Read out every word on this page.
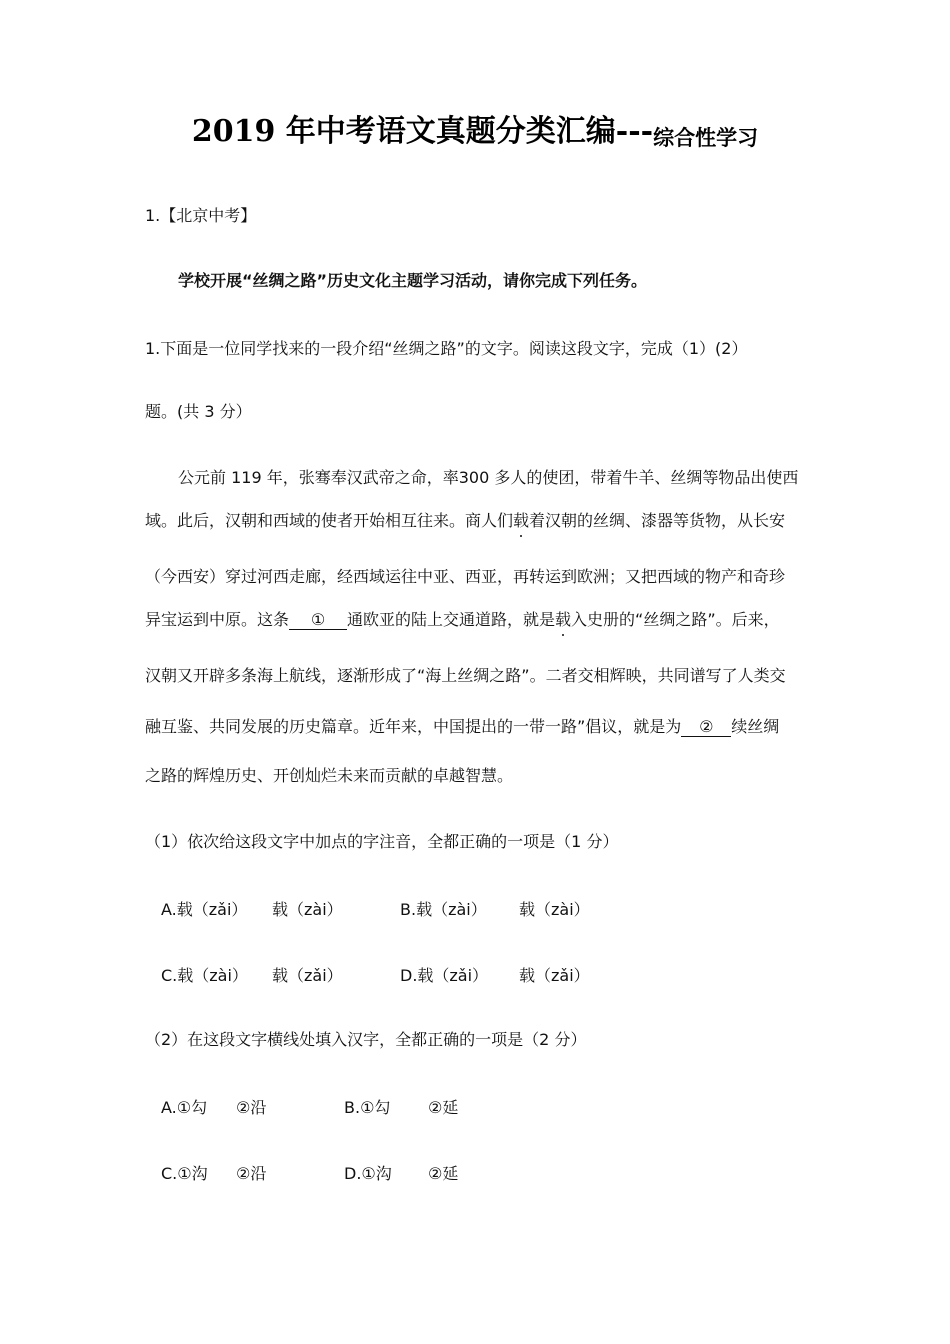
2019 年中考语文真题分类汇编---综合性学习
1.【北京中考】
学校开展“丝绸之路”历史文化主题学习活动，请你完成下列任务。
1.下面是一位同学找来的一段介绍“丝绸之路”的文字。阅读这段文字，完成（1）(2）
题。(共 3 分）
公元前 119 年，张骞奉汉武帝之命，率300 多人的使团，带着牛羊、丝绸等物品出使西
域。此后，汉朝和西域的使者开始相互往来。商人们载着汉朝的丝绸、漆器等货物，从长安
（今西安）穿过河西走廊，经西域运往中亚、西亚，再转运到欧洲；又把西域的物产和奇珍
异宝运到中原。这条 ① 通欧亚的陆上交通道路，就是载入史册的“丝绸之路”。后来，
汉朝又开辟多条海上航线，逐渐形成了“海上丝绸之路”。二者交相辉映，共同谱写了人类交
融互鉴、共同发展的历史篇章。近年来，中国提出的一带一路”倡议，就是为 ② 续丝绸
之路的辉煌历史、开创灿烂未来而贡献的卓越智慧。
（1）依次给这段文字中加点的字注音，全都正确的一项是（1 分）
A.载（zǎi） 载（zài）	B.载（zài） 载（zài）
C.载（zài） 载（zǎi）	D.载（zǎi） 载（zǎi）
（2）在这段文字横线处填入汉字，全都正确的一项是（2 分）
A.①勾 ②沿	B.①勾 ②延
C.①沟 ②沿	D.①沟 ②延
